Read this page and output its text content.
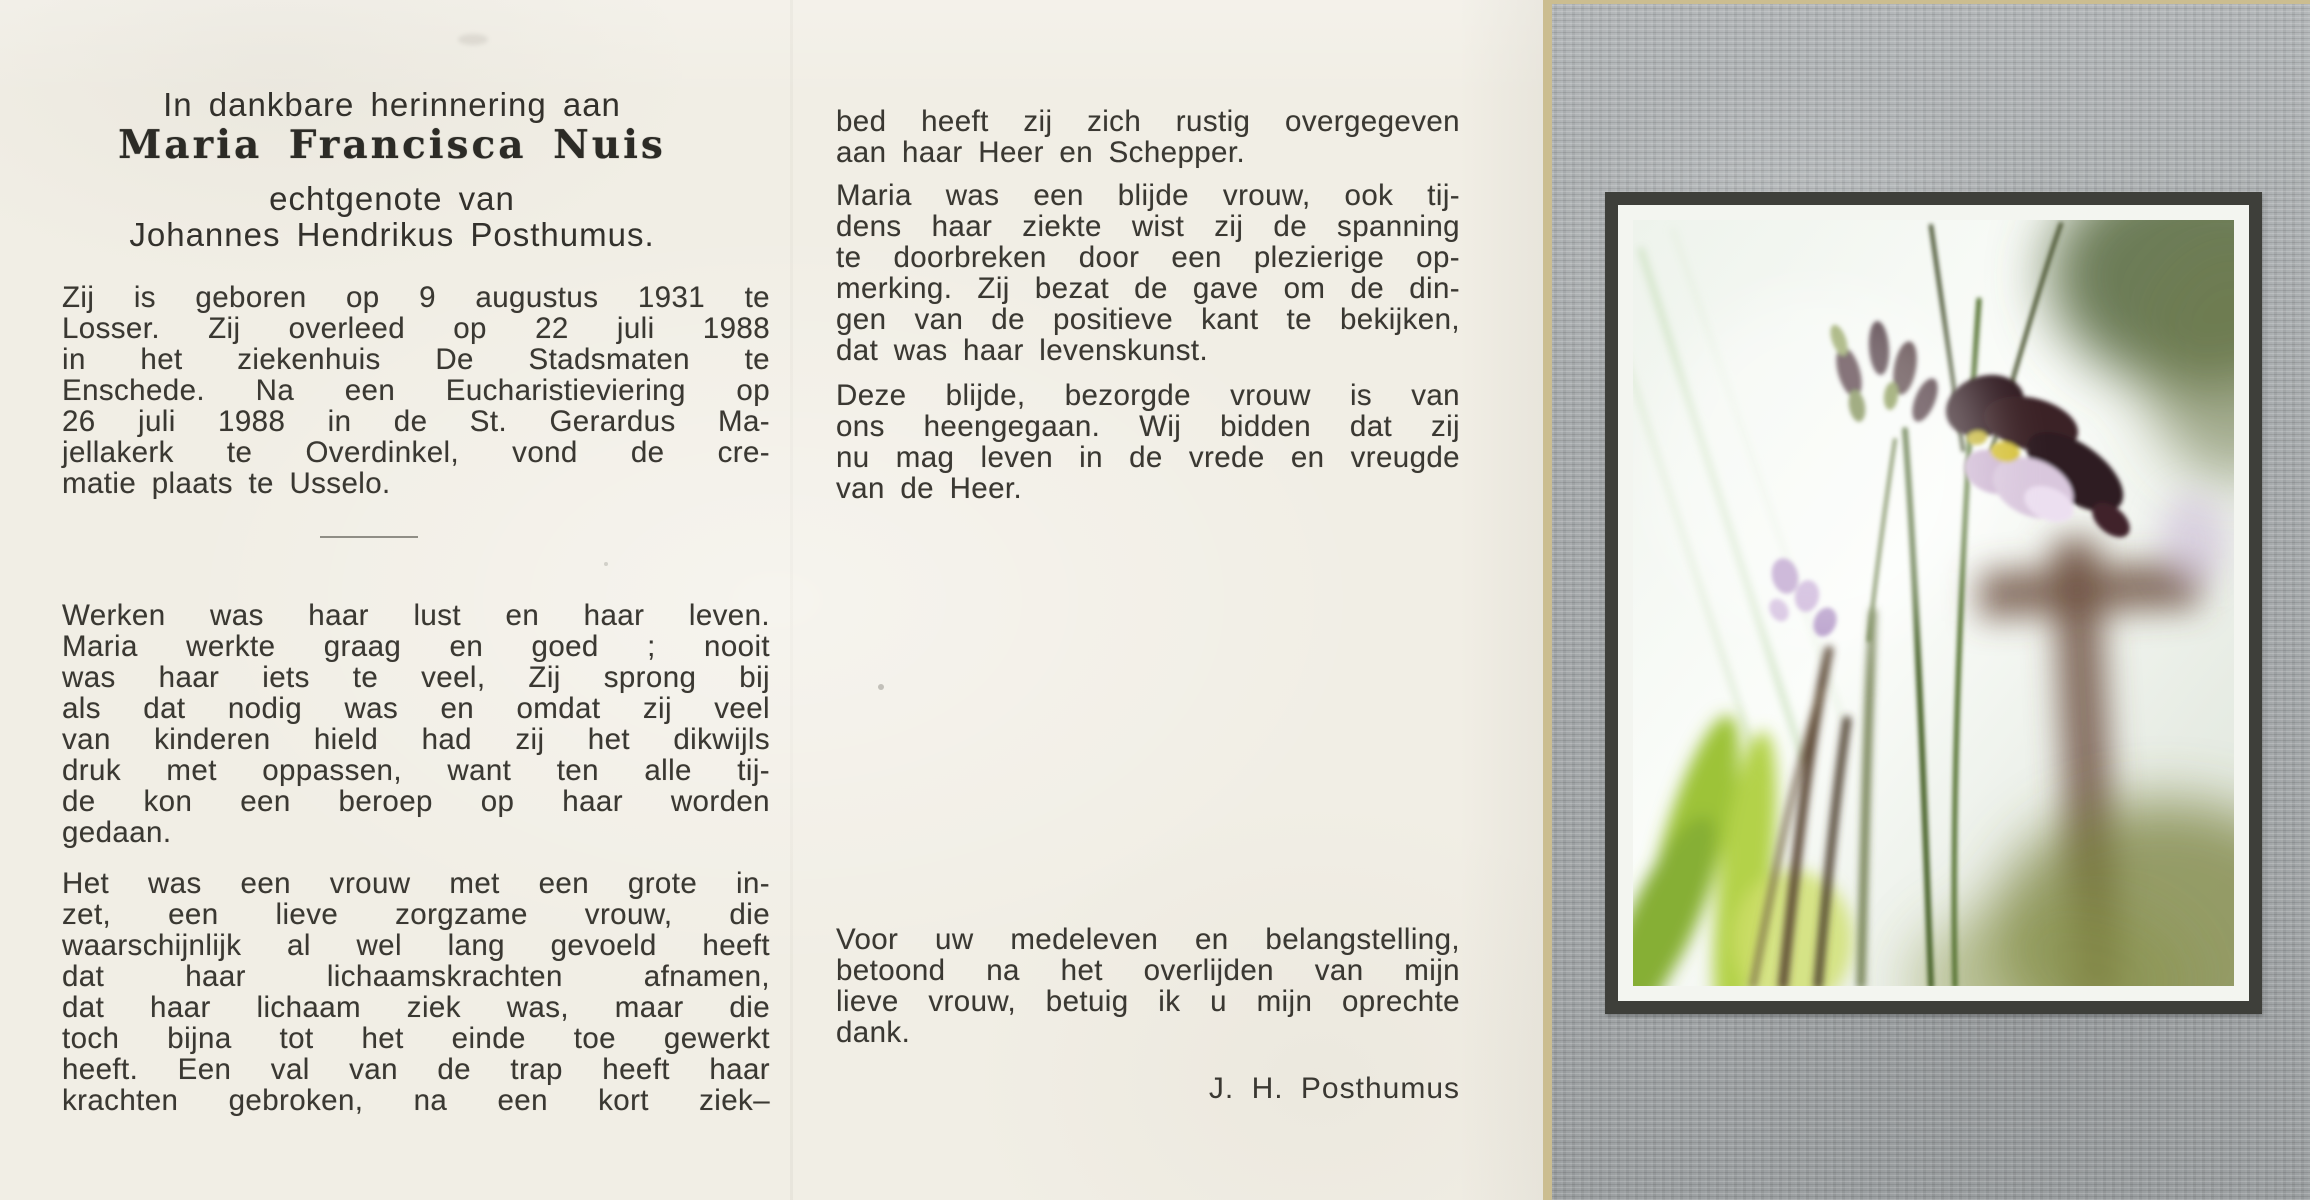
In dankbare herinnering aan
Maria Francisca Nuis
echtgenote van
Johannes Hendrikus Posthumus.
Zij is geboren op 9 augustus 1931 te
Losser. Zij overleed op 22 juli 1988
in het ziekenhuis De Stadsmaten te
Enschede. Na een Eucharistieviering op
26 juli 1988 in de St. Gerardus Ma-
jellakerk te Overdinkel, vond de cre-
matie plaats te Usselo.
Werken was haar lust en haar leven.
Maria werkte graag en goed ; nooit
was haar iets te veel, Zij sprong bij
als dat nodig was en omdat zij veel
van kinderen hield had zij het dikwijls
druk met oppassen, want ten alle tij-
de kon een beroep op haar worden
gedaan.
Het was een vrouw met een grote in-
zet, een lieve zorgzame vrouw, die
waarschijnlijk al wel lang gevoeld heeft
dat haar lichaamskrachten afnamen,
dat haar lichaam ziek was, maar die
toch bijna tot het einde toe gewerkt
heeft. Een val van de trap heeft haar
krachten gebroken, na een kort ziek–
bed heeft zij zich rustig overgegeven
aan haar Heer en Schepper.
Maria was een blijde vrouw, ook tij-
dens haar ziekte wist zij de spanning
te doorbreken door een plezierige op-
merking. Zij bezat de gave om de din-
gen van de positieve kant te bekijken,
dat was haar levenskunst.
Deze blijde, bezorgde vrouw is van
ons heengegaan. Wij bidden dat zij
nu mag leven in de vrede en vreugde
van de Heer.
Voor uw medeleven en belangstelling,
betoond na het overlijden van mijn
lieve vrouw, betuig ik u mijn oprechte
dank.
J. H. Posthumus
